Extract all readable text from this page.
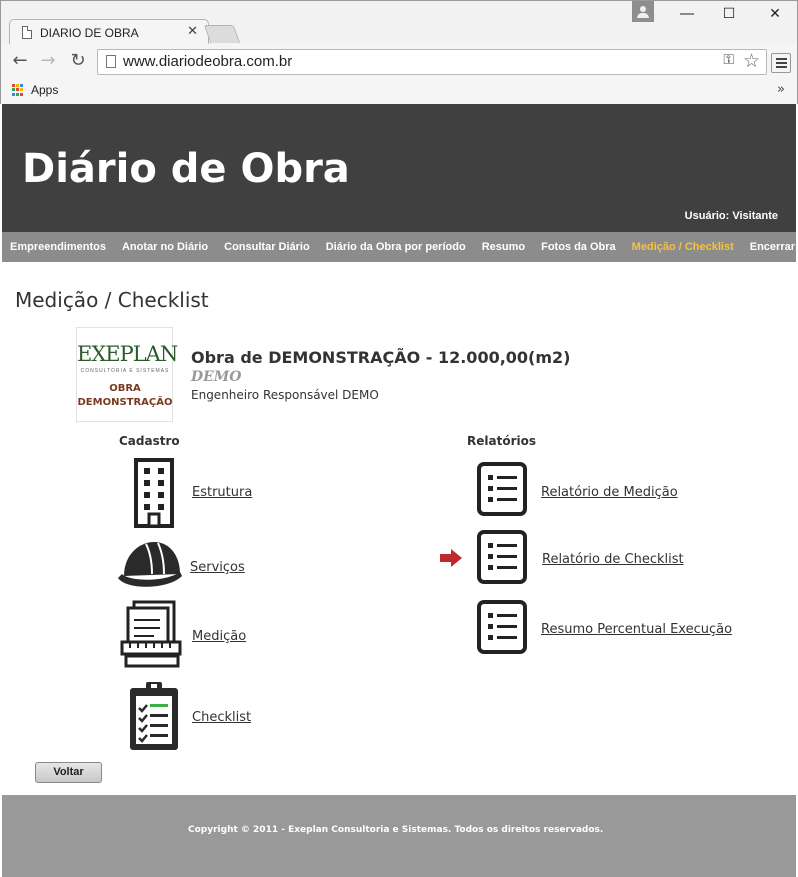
DIARIO DE OBRA	✕
―	☐	✕
← → ↻ www.diariodeobra.com.br	⚿ ☆
Apps	»
Diário de Obra
Usuário: Visitante
Empreendimentos Anotar no Diário Consultar Diário Diário da Obra por período Resumo Fotos da Obra Medição / Checklist Encerrar
Medição / Checklist
EXEPLAN
CONSULTORIA E SISTEMAS
OBRA
DEMONSTRAÇÃO
Obra de DEMONSTRAÇÃO - 12.000,00(m2)
DEMO
Engenheiro Responsável DEMO
Cadastro
Estrutura
Serviços
Medição
Checklist
Relatórios
Relatório de Medição
Relatório de Checklist
Resumo Percentual Execução
Voltar
Copyright © 2011 - Exeplan Consultoria e Sistemas. Todos os direitos reservados.
